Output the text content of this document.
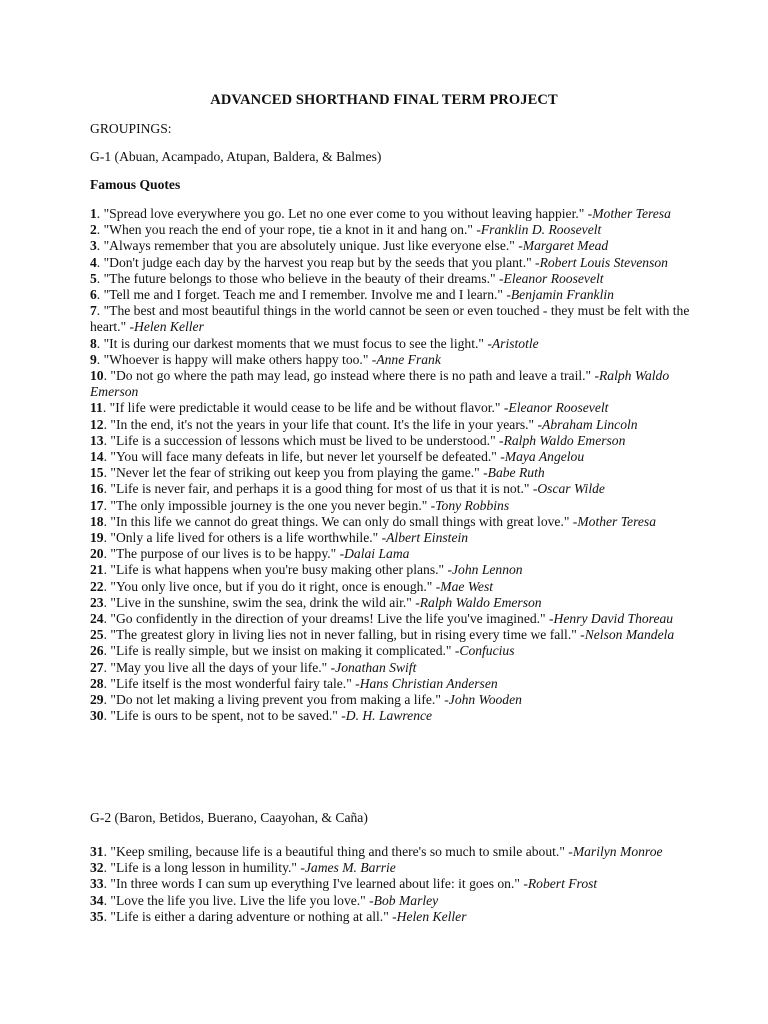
ADVANCED SHORTHAND FINAL TERM PROJECT
GROUPINGS:
G-1 (Abuan, Acampado, Atupan, Baldera, & Balmes)
Famous Quotes
1. "Spread love everywhere you go. Let no one ever come to you without leaving happier." -Mother Teresa
2. "When you reach the end of your rope, tie a knot in it and hang on." -Franklin D. Roosevelt
3. "Always remember that you are absolutely unique. Just like everyone else." -Margaret Mead
4. "Don't judge each day by the harvest you reap but by the seeds that you plant." -Robert Louis Stevenson
5. "The future belongs to those who believe in the beauty of their dreams." -Eleanor Roosevelt
6. "Tell me and I forget. Teach me and I remember. Involve me and I learn." -Benjamin Franklin
7. "The best and most beautiful things in the world cannot be seen or even touched - they must be felt with the heart." -Helen Keller
8. "It is during our darkest moments that we must focus to see the light." -Aristotle
9. "Whoever is happy will make others happy too." -Anne Frank
10. "Do not go where the path may lead, go instead where there is no path and leave a trail." -Ralph Waldo Emerson
11. "If life were predictable it would cease to be life and be without flavor." -Eleanor Roosevelt
12. "In the end, it's not the years in your life that count. It's the life in your years." -Abraham Lincoln
13. "Life is a succession of lessons which must be lived to be understood." -Ralph Waldo Emerson
14. "You will face many defeats in life, but never let yourself be defeated." -Maya Angelou
15. "Never let the fear of striking out keep you from playing the game." -Babe Ruth
16. "Life is never fair, and perhaps it is a good thing for most of us that it is not." -Oscar Wilde
17. "The only impossible journey is the one you never begin." -Tony Robbins
18. "In this life we cannot do great things. We can only do small things with great love." -Mother Teresa
19. "Only a life lived for others is a life worthwhile." -Albert Einstein
20. "The purpose of our lives is to be happy." -Dalai Lama
21. "Life is what happens when you're busy making other plans." -John Lennon
22. "You only live once, but if you do it right, once is enough." -Mae West
23. "Live in the sunshine, swim the sea, drink the wild air." -Ralph Waldo Emerson
24. "Go confidently in the direction of your dreams! Live the life you've imagined." -Henry David Thoreau
25. "The greatest glory in living lies not in never falling, but in rising every time we fall." -Nelson Mandela
26. "Life is really simple, but we insist on making it complicated." -Confucius
27. "May you live all the days of your life." -Jonathan Swift
28. "Life itself is the most wonderful fairy tale." -Hans Christian Andersen
29. "Do not let making a living prevent you from making a life." -John Wooden
30. "Life is ours to be spent, not to be saved." -D. H. Lawrence
G-2 (Baron, Betidos, Buerano, Caayohan, & Caña)
31. "Keep smiling, because life is a beautiful thing and there's so much to smile about." -Marilyn Monroe
32. "Life is a long lesson in humility." -James M. Barrie
33. "In three words I can sum up everything I've learned about life: it goes on." -Robert Frost
34. "Love the life you live. Live the life you love." -Bob Marley
35. "Life is either a daring adventure or nothing at all." -Helen Keller
